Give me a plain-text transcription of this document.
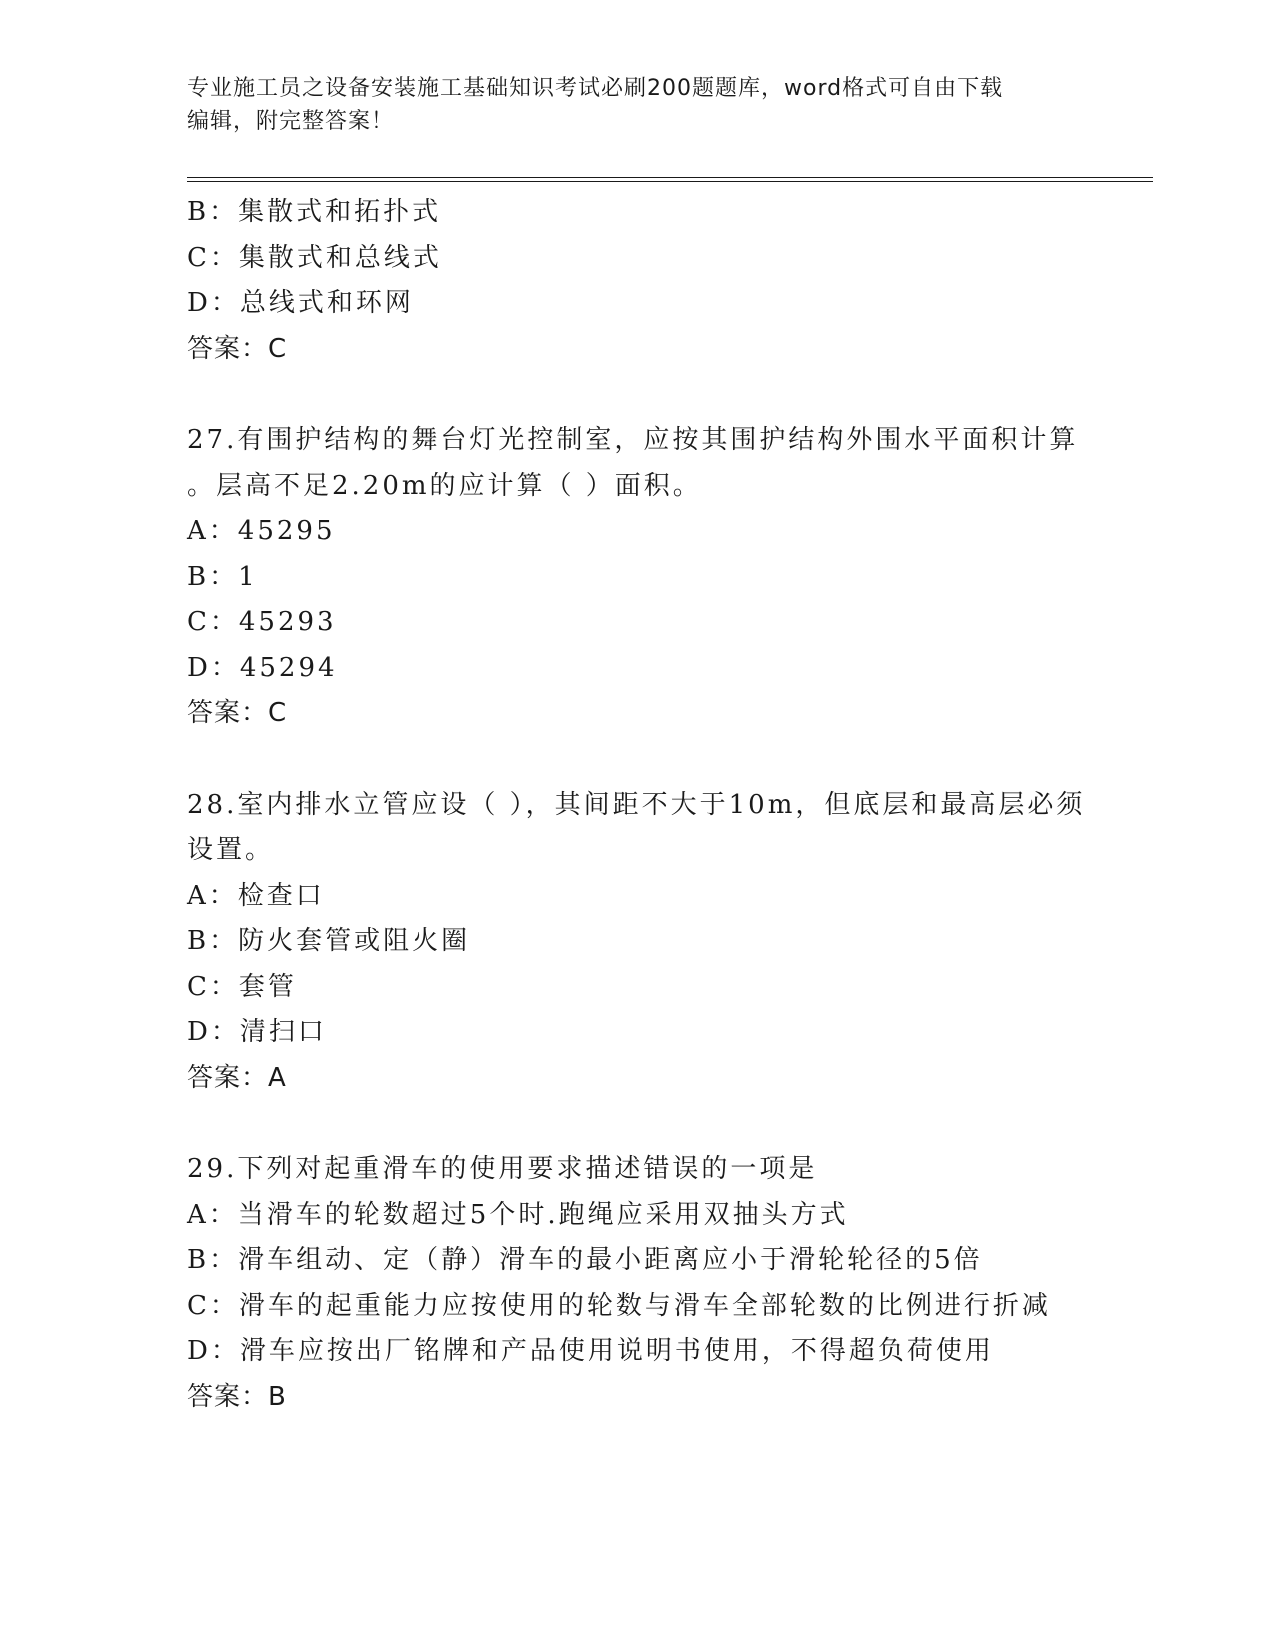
专业施工员之设备安装施工基础知识考试必刷200题题库，word格式可自由下载
编辑，附完整答案！
B：集散式和拓扑式
C：集散式和总线式
D：总线式和环网
答案：C
27.有围护结构的舞台灯光控制室，应按其围护结构外围水平面积计算
。层高不足2.20m的应计算（ ）面积。
A：45295
B：1
C：45293
D：45294
答案：C
28.室内排水立管应设（ ），其间距不大于10m，但底层和最高层必须
设置。
A：检查口
B：防火套管或阻火圈
C：套管
D：清扫口
答案：A
29.下列对起重滑车的使用要求描述错误的一项是
A：当滑车的轮数超过5个时.跑绳应采用双抽头方式
B：滑车组动、定（静）滑车的最小距离应小于滑轮轮径的5倍
C：滑车的起重能力应按使用的轮数与滑车全部轮数的比例进行折减
D：滑车应按出厂铭牌和产品使用说明书使用，不得超负荷使用
答案：B
